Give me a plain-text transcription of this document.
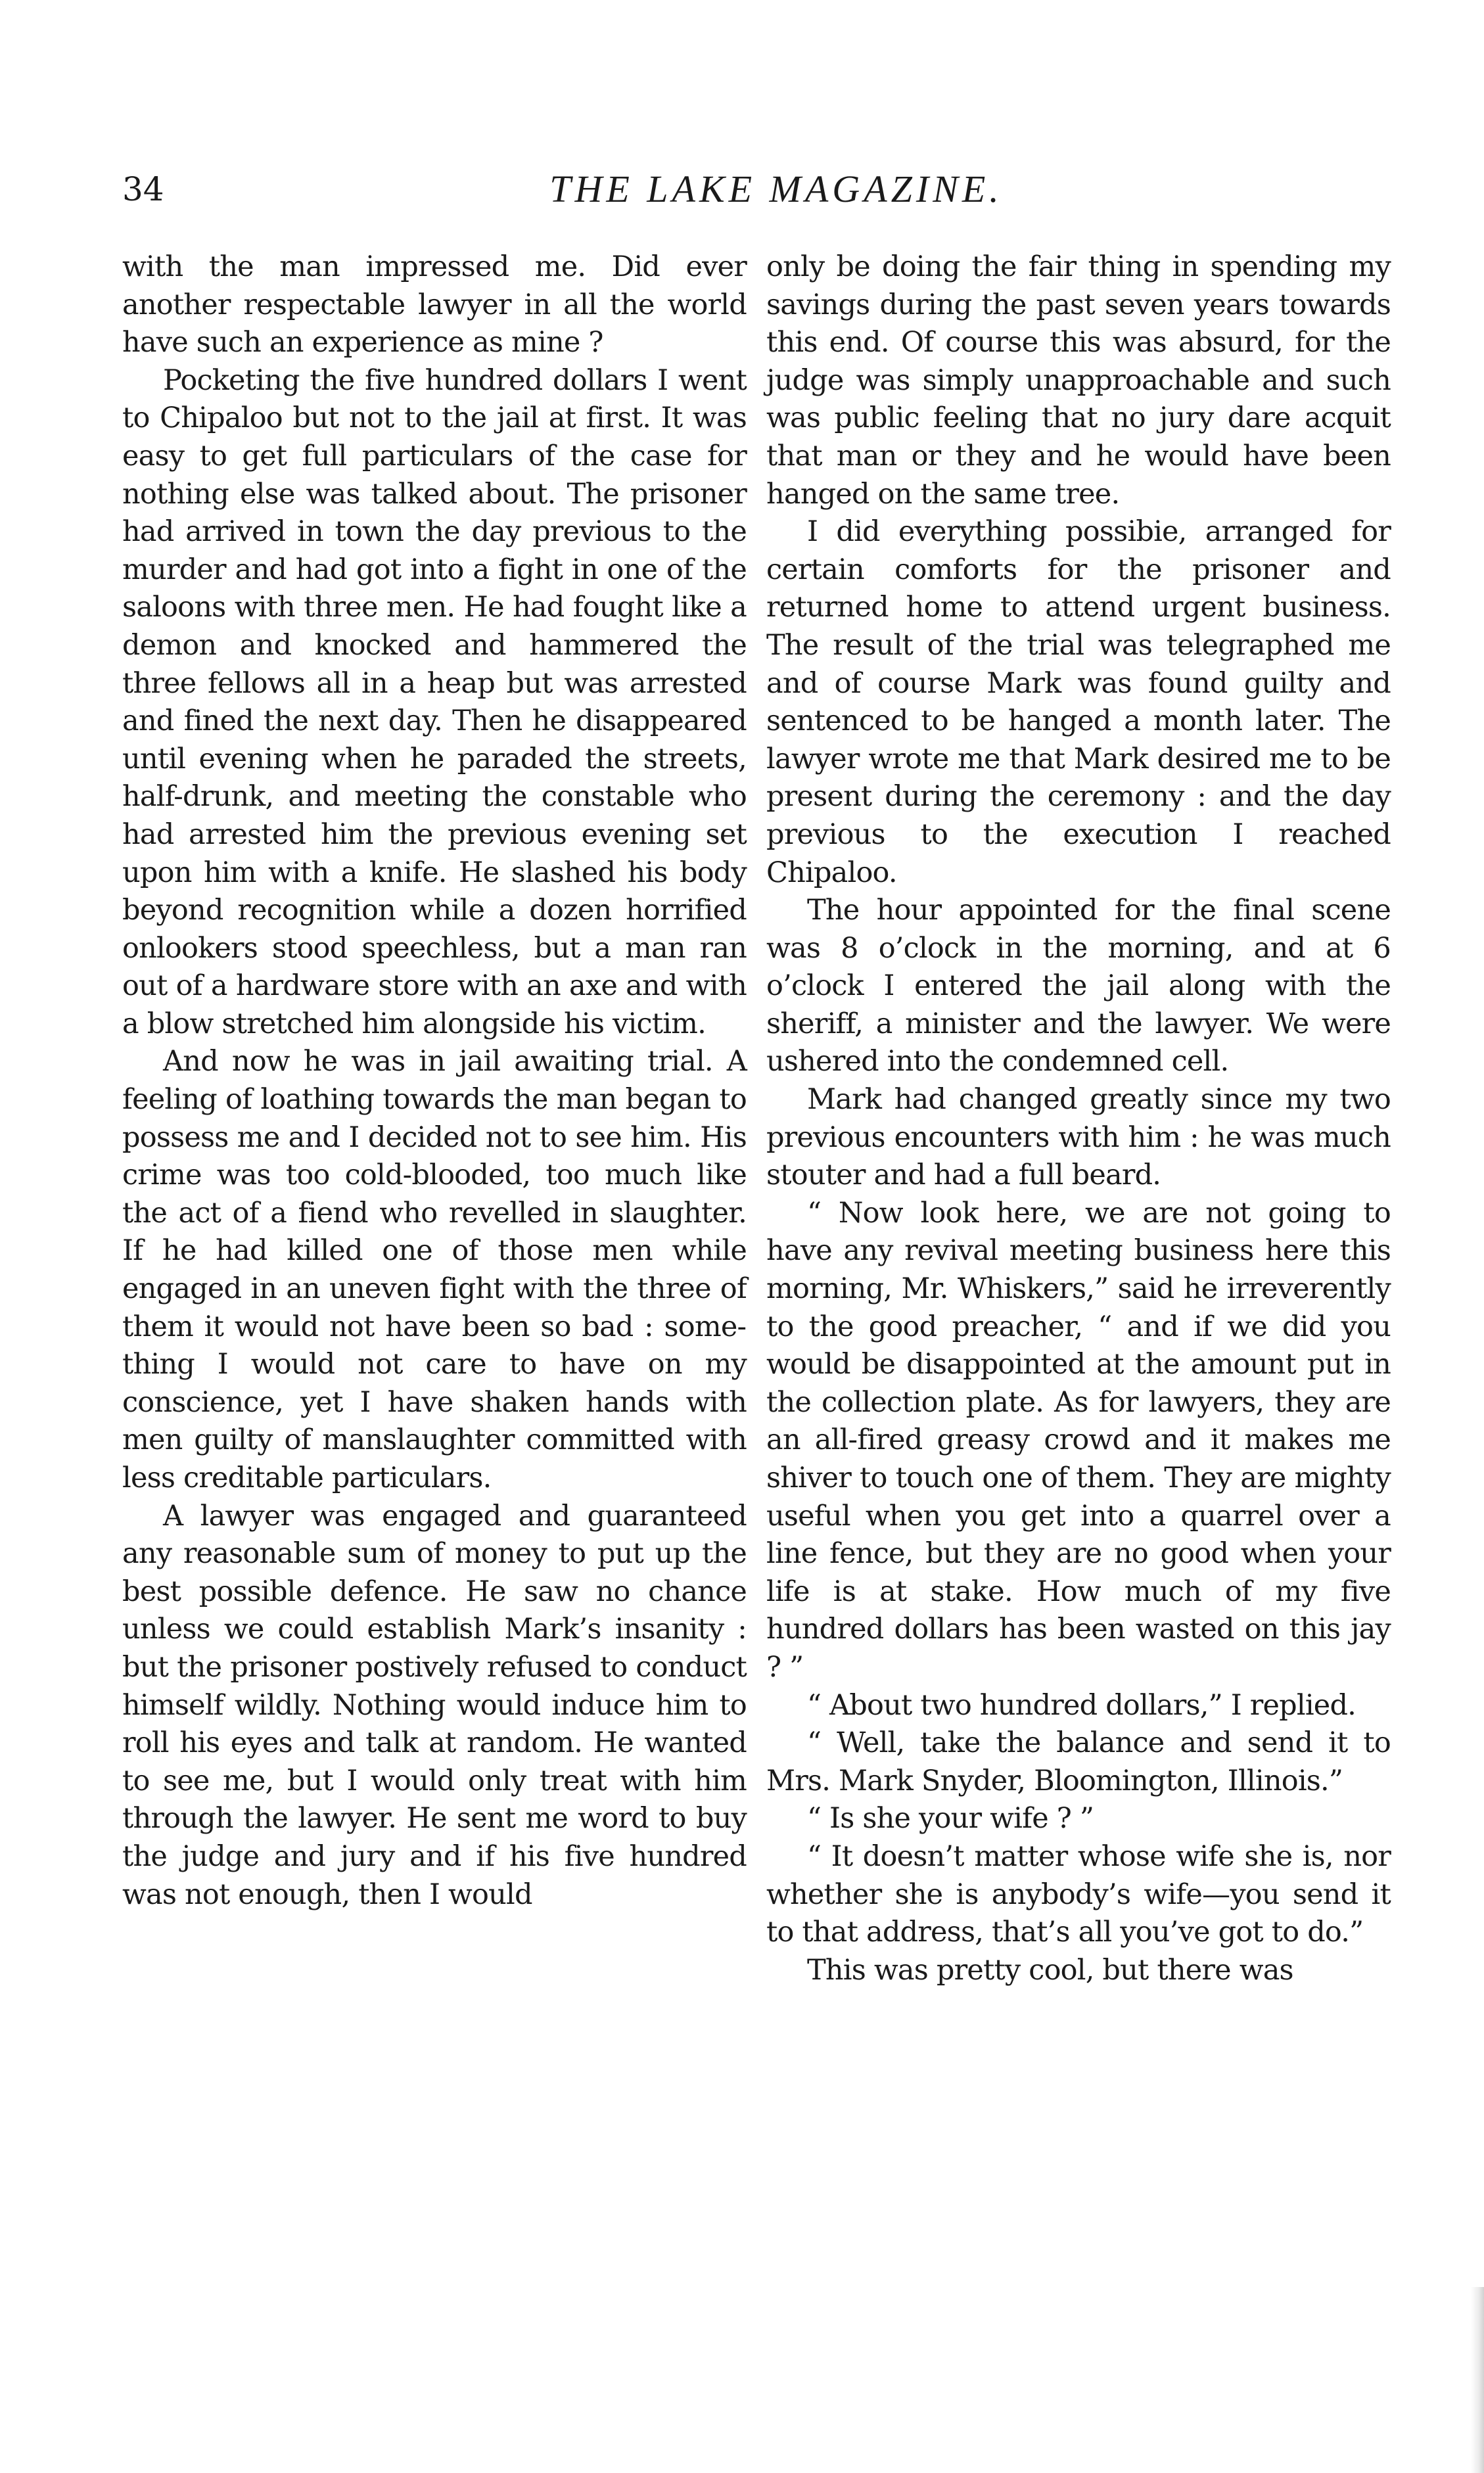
34	THE LAKE MAGAZINE.

with the man impressed me. Did ever another respectable lawyer in all the world have such an experience as mine ?

Pocketing the five hundred dollars I went to Chipaloo but not to the jail at first. It was easy to get full particulars of the case for nothing else was talked about. The prisoner had arrived in town the day previous to the murder and had got into a fight in one of the saloons with three men. He had fought like a demon and knocked and hammered the three fellows all in a heap but was arrested and fined the next day. Then he disappeared until evening when he paraded the streets, half-drunk, and meeting the constable who had arrested him the previous evening set upon him with a knife. He slashed his body beyond recognition while a dozen horrified onlookers stood speechless, but a man ran out of a hardware store with an axe and with a blow stretched him alongside his victim.

And now he was in jail awaiting trial. A feeling of loathing towards the man began to possess me and I decided not to see him. His crime was too cold-blooded, too much like the act of a fiend who revelled in slaughter. If he had killed one of those men while engaged in an uneven fight with the three of them it would not have been so bad : something I would not care to have on my conscience, yet I have shaken hands with men guilty of manslaughter committed with less creditable particulars.

A lawyer was engaged and guaranteed any reasonable sum of money to put up the best possible defence. He saw no chance unless we could establish Mark’s insanity : but the prisoner postively refused to conduct himself wildly. Nothing would induce him to roll his eyes and talk at random. He wanted to see me, but I would only treat with him through the lawyer. He sent me word to buy the judge and jury and if his five hundred was not enough, then I would

only be doing the fair thing in spending my savings during the past seven years towards this end. Of course this was absurd, for the judge was simply unapproachable and such was public feeling that no jury dare acquit that man or they and he would have been hanged on the same tree.

I did everything possibie, arranged for certain comforts for the prisoner and returned home to attend urgent business. The result of the trial was telegraphed me and of course Mark was found guilty and sentenced to be hanged a month later. The lawyer wrote me that Mark desired me to be present during the ceremony : and the day previous to the execution I reached Chipaloo.

The hour appointed for the final scene was 8 o’clock in the morning, and at 6 o’clock I entered the jail along with the sheriff, a minister and the lawyer. We were ushered into the condemned cell.

Mark had changed greatly since my two previous encounters with him : he was much stouter and had a full beard.

“ Now look here, we are not going to have any revival meeting business here this morning, Mr. Whiskers,” said he irreverently to the good preacher, “ and if we did you would be disappointed at the amount put in the collection plate. As for lawyers, they are an all-fired greasy crowd and it makes me shiver to touch one of them. They are mighty useful when you get into a quarrel over a line fence, but they are no good when your life is at stake. How much of my five hundred dollars has been wasted on this jay ? ”

“ About two hundred dollars,” I replied.

“ Well, take the balance and send it to Mrs. Mark Snyder, Bloomington, Illinois.”

“ Is she your wife ? ”

“ It doesn’t matter whose wife she is, nor whether she is anybody’s wife—you send it to that address, that’s all you’ve got to do.”

This was pretty cool, but there was
